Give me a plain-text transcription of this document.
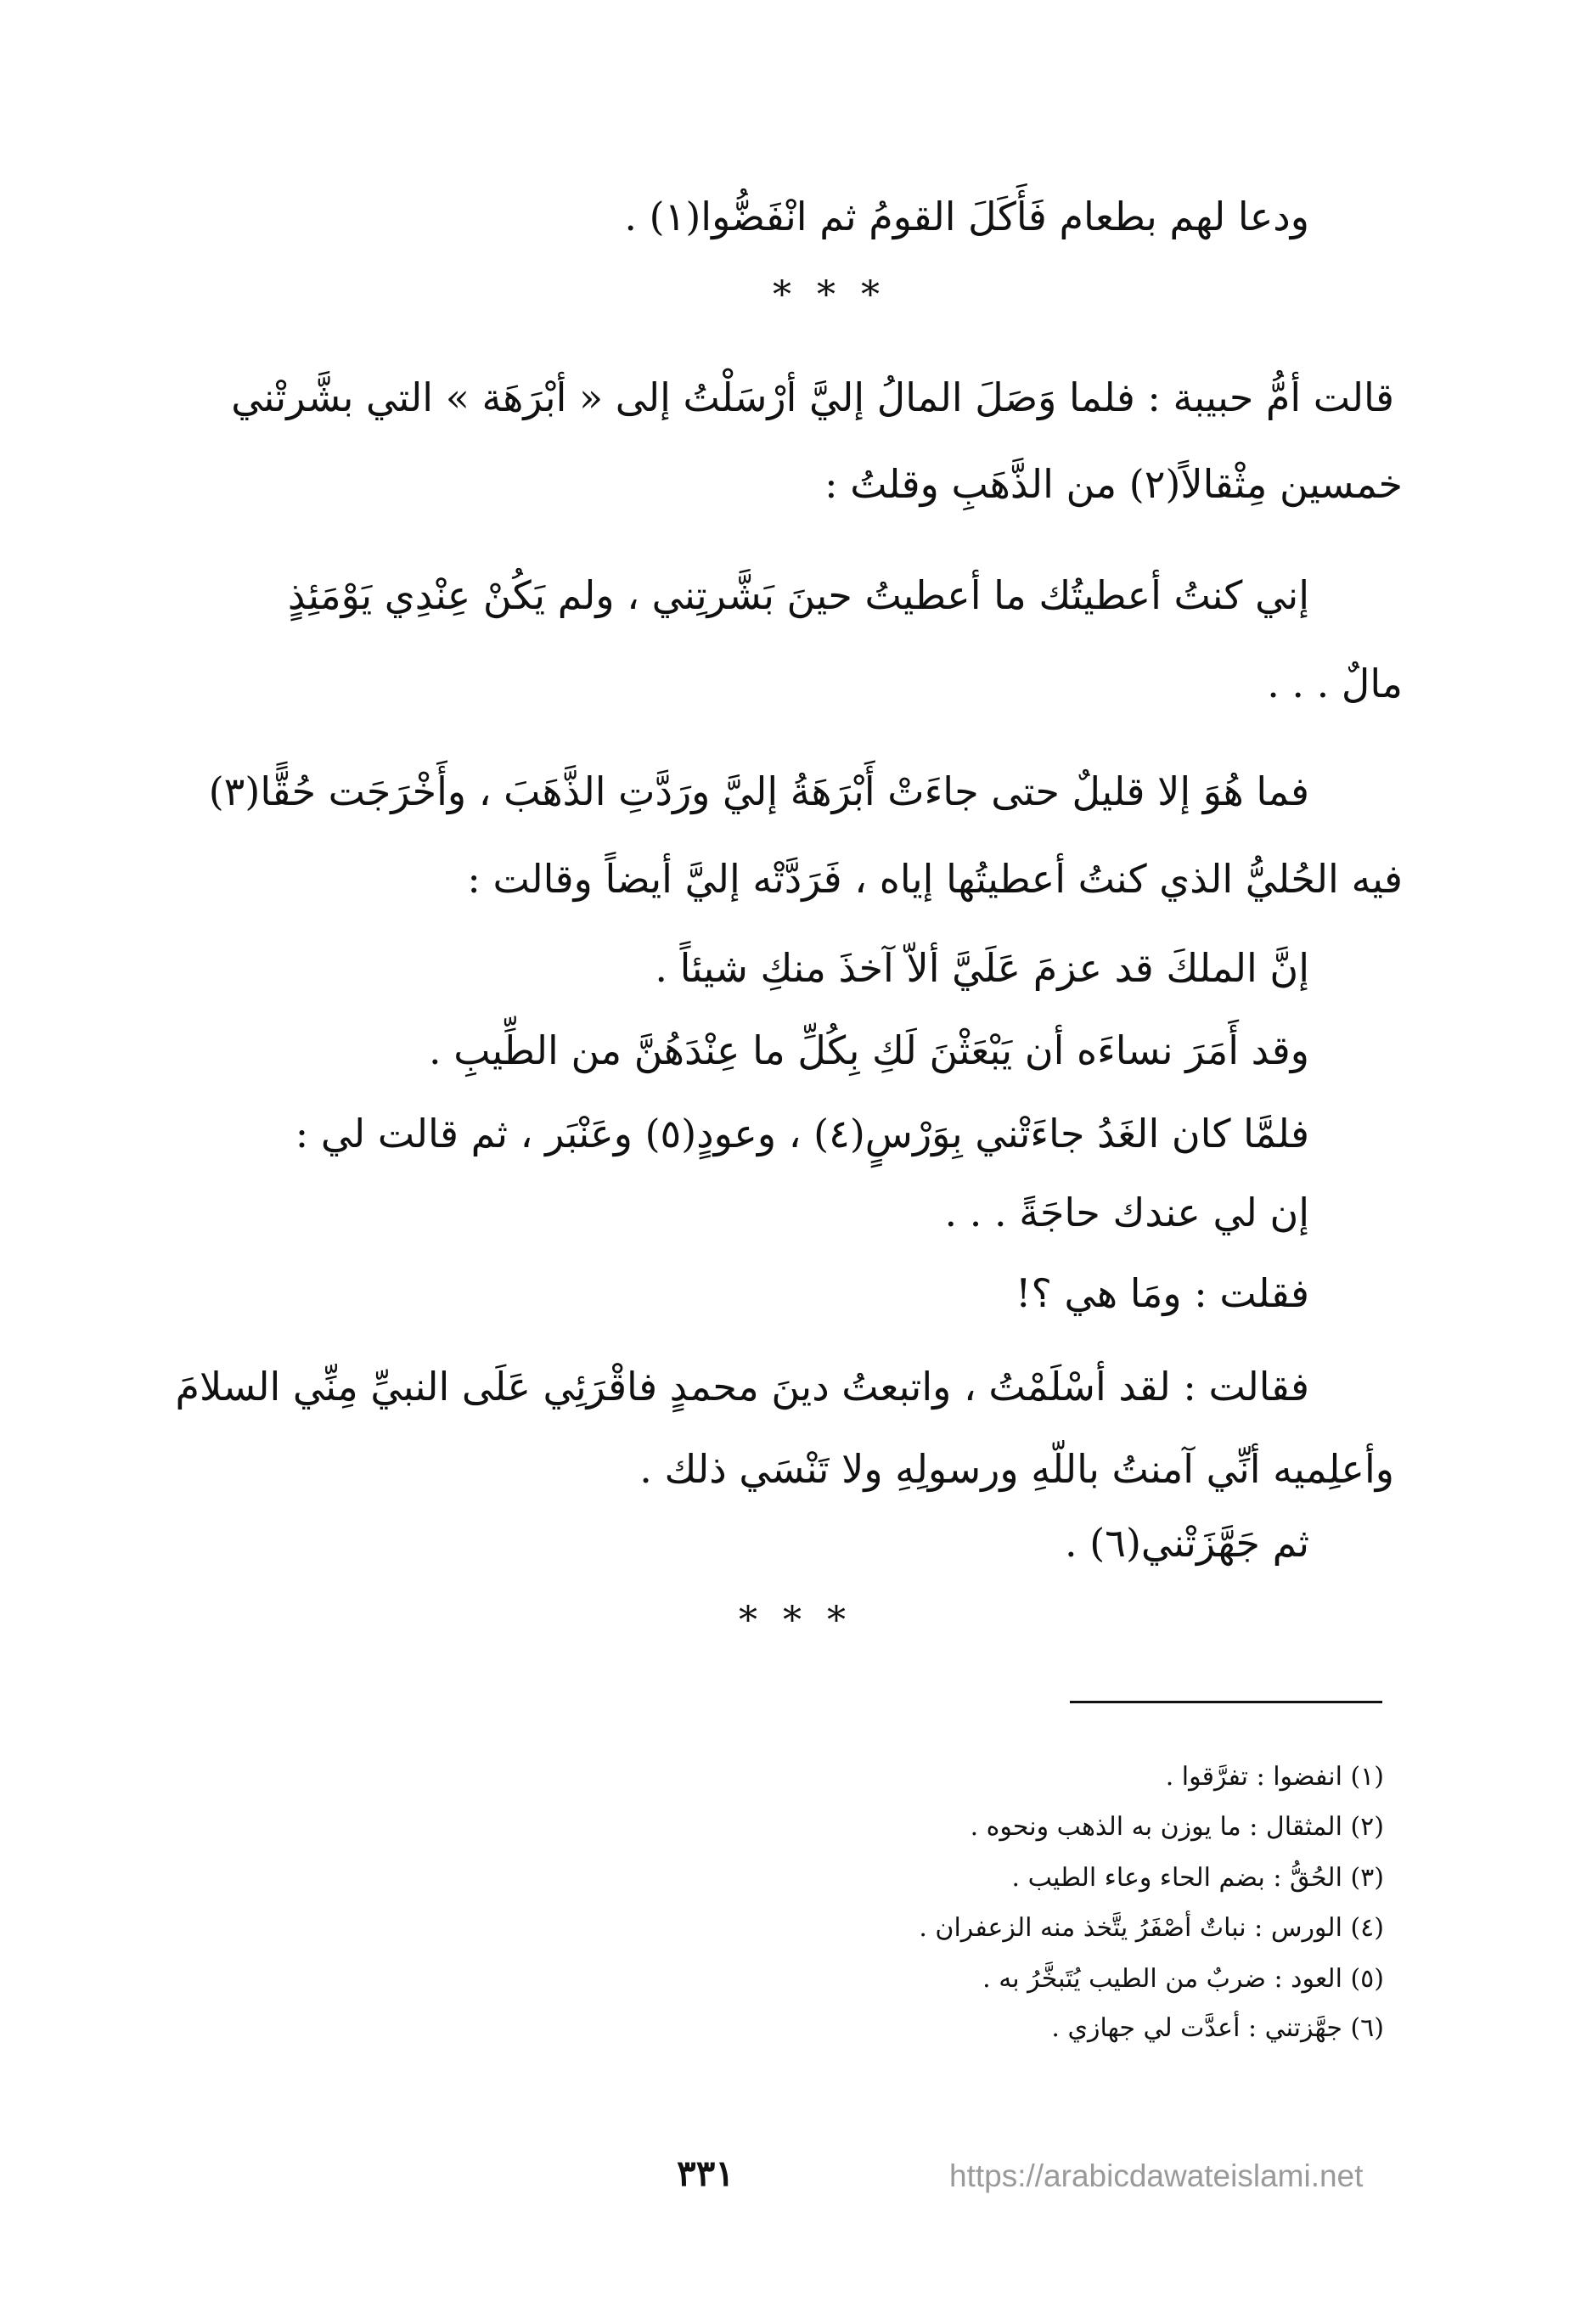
ودعا لهم بطعام فَأَكَلَ القومُ ثم انْفَضُّوا(١) .
* * *
قالت أمُّ حبيبة : فلما وَصَلَ المالُ إليَّ أرْسَلْتُ إلى « أبْرَهَة » التي بشَّرتْني
خمسين مِثْقالاً(٢) من الذَّهَبِ وقلتُ :
إني كنتُ أعطيتُك ما أعطيتُ حينَ بَشَّرتِني ، ولم يَكُنْ عِنْدِي يَوْمَئِذٍ
مالٌ . . .
فما هُوَ إلا قليلٌ حتى جاءَتْ أَبْرَهَةُ إليَّ ورَدَّتِ الذَّهَبَ ، وأَخْرَجَت حُقًّا(٣)
فيه الحُليُّ الذي كنتُ أعطيتُها إياه ، فَرَدَّتْه إليَّ أيضاً وقالت :
إنَّ الملكَ قد عزمَ عَلَيَّ ألاّ آخذَ منكِ شيئاً .
وقد أَمَرَ نساءَه أن يَبْعَثْنَ لَكِ بِكُلِّ ما عِنْدَهُنَّ من الطِّيبِ .
فلمَّا كان الغَدُ جاءَتْني بِوَرْسٍ(٤) ، وعودٍ(٥) وعَنْبَر ، ثم قالت لي :
إن لي عندك حاجَةً . . .
فقلت : ومَا هي ؟!
فقالت : لقد أسْلَمْتُ ، واتبعتُ دينَ محمدٍ فاقْرَئِي عَلَى النبيِّ مِنِّي السلامَ
وأعلِميه أنِّي آمنتُ باللّهِ ورسولِهِ ولا تَنْسَي ذلك .
ثم جَهَّزَتْني(٦) .
* * *
(١) انفضوا : تفرَّقوا .
(٢) المثقال : ما يوزن به الذهب ونحوه .
(٣) الحُقُّ : بضم الحاء وعاء الطيب .
(٤) الورس : نباتٌ أصْفَرُ يتَّخذ منه الزعفران .
(٥) العود : ضربٌ من الطيب يُتَبخَّرُ به .
(٦) جهَّزتني : أعدَّت لي جهازي .
٣٣١	https://arabicdawateislami.net
